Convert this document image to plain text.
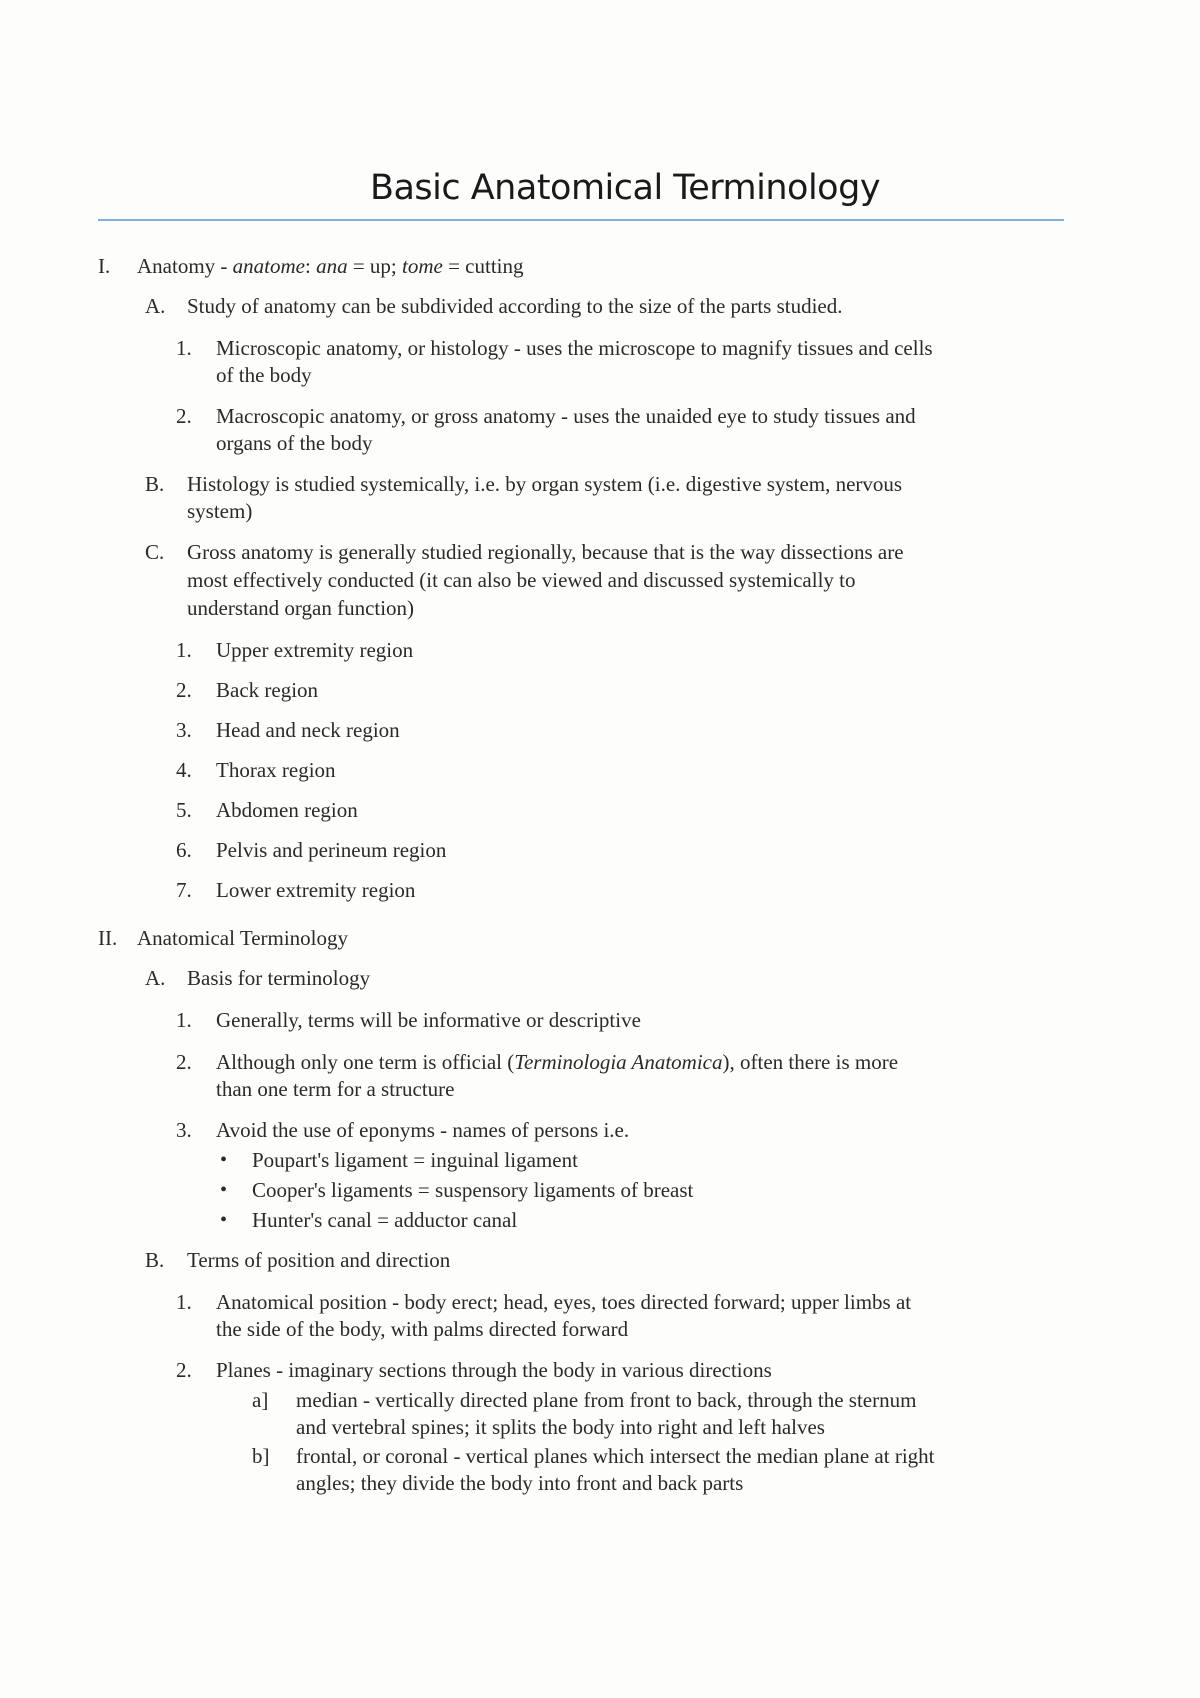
Basic Anatomical Terminology

I. Anatomy - anatome: ana = up; tome = cutting

A. Study of anatomy can be subdivided according to the size of the parts studied.

1. Microscopic anatomy, or histology - uses the microscope to magnify tissues and cells

of the body

2. Macroscopic anatomy, or gross anatomy - uses the unaided eye to study tissues and

organs of the body

B. Histology is studied systemically, i.e. by organ system (i.e. digestive system, nervous

system)

C. Gross anatomy is generally studied regionally, because that is the way dissections are

most effectively conducted (it can also be viewed and discussed systemically to

understand organ function)

1. Upper extremity region

2. Back region

3. Head and neck region

4. Thorax region

5. Abdomen region

6. Pelvis and perineum region

7. Lower extremity region

II. Anatomical Terminology

A. Basis for terminology

1. Generally, terms will be informative or descriptive

2. Although only one term is official (Terminologia Anatomica), often there is more

than one term for a structure

3. Avoid the use of eponyms - names of persons i.e.

• Poupart's ligament = inguinal ligament

• Cooper's ligaments = suspensory ligaments of breast

• Hunter's canal = adductor canal

B. Terms of position and direction

1. Anatomical position - body erect; head, eyes, toes directed forward; upper limbs at

the side of the body, with palms directed forward

2. Planes - imaginary sections through the body in various directions

a] median - vertically directed plane from front to back, through the sternum

and vertebral spines; it splits the body into right and left halves

b] frontal, or coronal - vertical planes which intersect the median plane at right

angles; they divide the body into front and back parts
